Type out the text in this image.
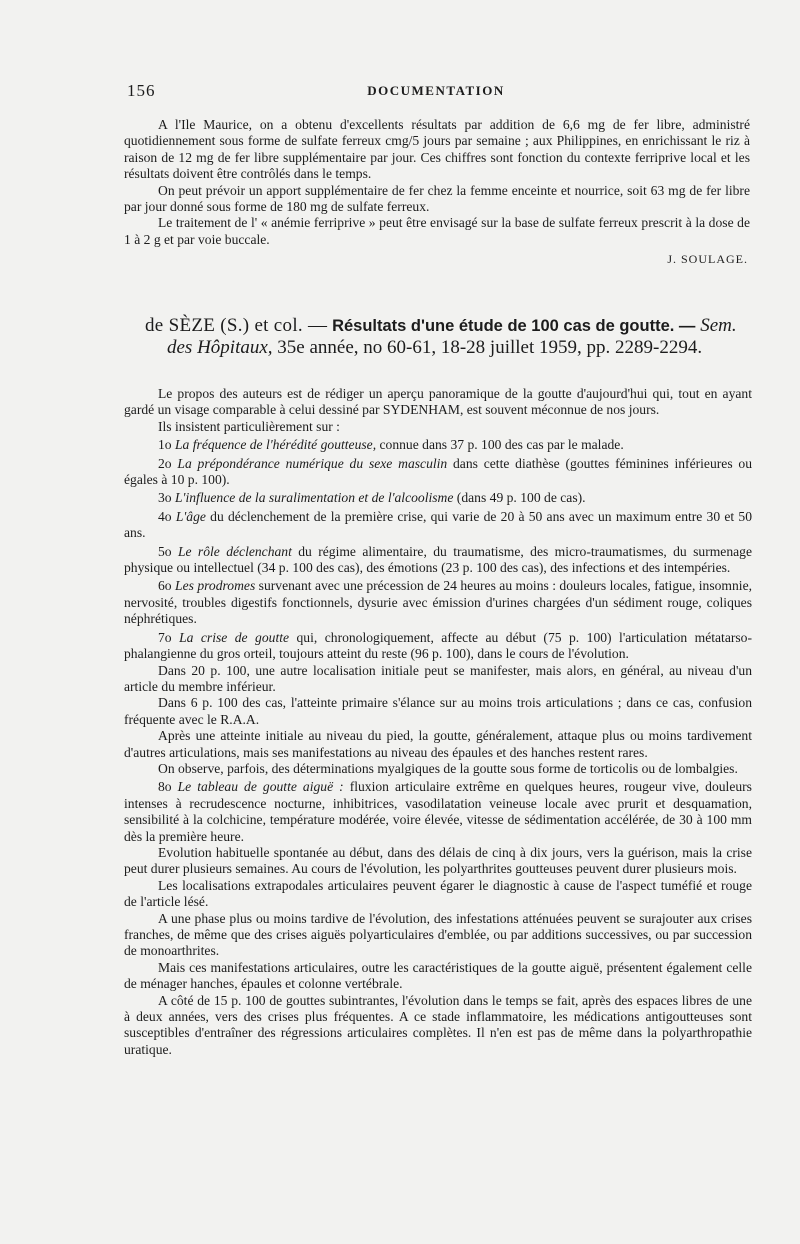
156	DOCUMENTATION

A l'Ile Maurice, on a obtenu d'excellents résultats par addition de 6,6 mg de fer libre, administré quotidiennement sous forme de sulfate ferreux cmg/5 jours par semaine ; aux Philippines, en enrichissant le riz à raison de 12 mg de fer libre supplémentaire par jour. Ces chiffres sont fonction du contexte ferriprive local et les résultats doivent être contrôlés dans le temps.

On peut prévoir un apport supplémentaire de fer chez la femme enceinte et nourrice, soit 63 mg de fer libre par jour donné sous forme de 180 mg de sulfate ferreux.

Le traitement de l' « anémie ferriprive » peut être envisagé sur la base de sulfate ferreux prescrit à la dose de 1 à 2 g et par voie buccale.

J. SOULAGE.
de SÈZE (S.) et col. — Résultats d'une étude de 100 cas de goutte. — Sem. des Hôpitaux, 35e année, no 60-61, 18-28 juillet 1959, pp. 2289-2294.

Le propos des auteurs est de rédiger un aperçu panoramique de la goutte d'aujourd'hui qui, tout en ayant gardé un visage comparable à celui dessiné par SYDENHAM, est souvent méconnue de nos jours.

Ils insistent particulièrement sur :

1o La fréquence de l'hérédité goutteuse, connue dans 37 p. 100 des cas par le malade.

2o La prépondérance numérique du sexe masculin dans cette diathèse (gouttes féminines inférieures ou égales à 10 p. 100).

3o L'influence de la suralimentation et de l'alcoolisme (dans 49 p. 100 de cas).

4o L'âge du déclenchement de la première crise, qui varie de 20 à 50 ans avec un maximum entre 30 et 50 ans.

5o Le rôle déclenchant du régime alimentaire, du traumatisme, des micro-traumatismes, du surmenage physique ou intellectuel (34 p. 100 des cas), des émotions (23 p. 100 des cas), des infections et des intempéries.

6o Les prodromes survenant avec une précession de 24 heures au moins : douleurs locales, fatigue, insomnie, nervosité, troubles digestifs fonctionnels, dysurie avec émission d'urines chargées d'un sédiment rouge, coliques néphrétiques.

7o La crise de goutte qui, chronologiquement, affecte au début (75 p. 100) l'articulation métatarso-phalangienne du gros orteil, toujours atteint du reste (96 p. 100), dans le cours de l'évolution.

Dans 20 p. 100, une autre localisation initiale peut se manifester, mais alors, en général, au niveau d'un article du membre inférieur.

Dans 6 p. 100 des cas, l'atteinte primaire s'élance sur au moins trois articulations ; dans ce cas, confusion fréquente avec le R.A.A.

Après une atteinte initiale au niveau du pied, la goutte, généralement, attaque plus ou moins tardivement d'autres articulations, mais ses manifestations au niveau des épaules et des hanches restent rares.

On observe, parfois, des déterminations myalgiques de la goutte sous forme de torticolis ou de lombalgies.

8o Le tableau de goutte aiguë : fluxion articulaire extrême en quelques heures, rougeur vive, douleurs intenses à recrudescence nocturne, inhibitrices, vasodilatation veineuse locale avec prurit et desquamation, sensibilité à la colchicine, température modérée, voire élevée, vitesse de sédimentation accélérée, de 30 à 100 mm dès la première heure.

Evolution habituelle spontanée au début, dans des délais de cinq à dix jours, vers la guérison, mais la crise peut durer plusieurs semaines. Au cours de l'évolution, les polyarthrites goutteuses peuvent durer plusieurs mois.

Les localisations extrapodales articulaires peuvent égarer le diagnostic à cause de l'aspect tuméfié et rouge de l'article lésé.

A une phase plus ou moins tardive de l'évolution, des infestations atténuées peuvent se surajouter aux crises franches, de même que des crises aiguës polyarticulaires d'emblée, ou par additions successives, ou par succession de monoarthrites.

Mais ces manifestations articulaires, outre les caractéristiques de la goutte aiguë, présentent également celle de ménager hanches, épaules et colonne vertébrale.

A côté de 15 p. 100 de gouttes subintrantes, l'évolution dans le temps se fait, après des espaces libres de une à deux années, vers des crises plus fréquentes. A ce stade inflammatoire, les médications antigoutteuses sont susceptibles d'entraîner des régressions articulaires complètes. Il n'en est pas de même dans la polyarthropathie uratique.
